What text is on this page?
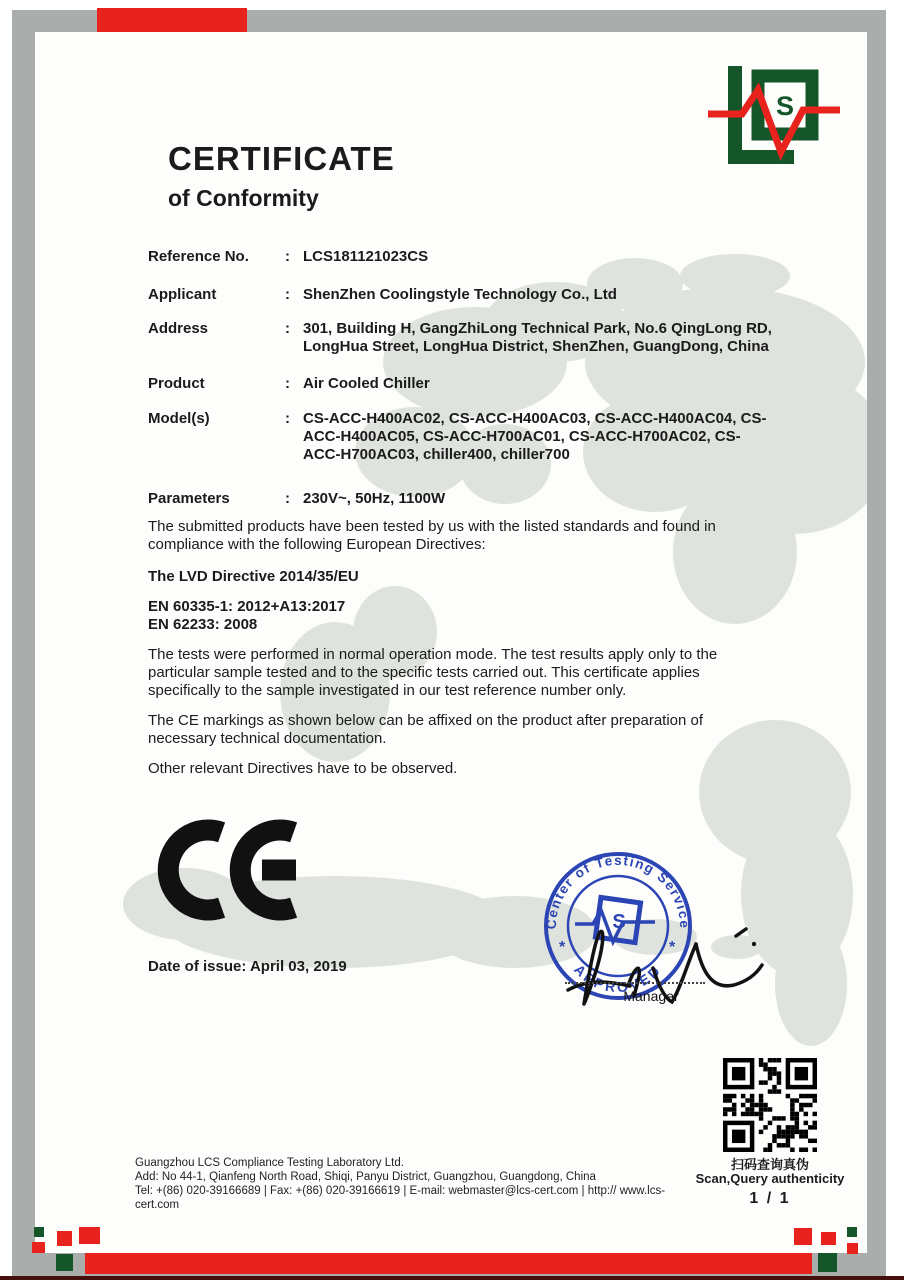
S
CERTIFICATE
of Conformity
Reference No.	: LCS181121023CS
Applicant	: ShenZhen Coolingstyle Technology Co., Ltd
Address	: 301, Building H, GangZhiLong Technical Park, No.6 QingLong RD, LongHua Street, LongHua District, ShenZhen, GuangDong, China
Product	: Air Cooled Chiller
Model(s)	: CS-ACC-H400AC02, CS-ACC-H400AC03, CS-ACC-H400AC04, CS-ACC-H400AC05, CS-ACC-H700AC01, CS-ACC-H700AC02, CS-ACC-H700AC03, chiller400, chiller700
Parameters	: 230V~, 50Hz, 1100W
The submitted products have been tested by us with the listed standards and found in compliance with the following European Directives:
The LVD Directive 2014/35/EU
EN 60335-1: 2012+A13:2017
EN 62233: 2008
The tests were performed in normal operation mode. The test results apply only to the particular sample tested and to the specific tests carried out. This certificate applies specifically to the sample investigated in our test reference number only.
The CE markings as shown below can be affixed on the product after preparation of necessary technical documentation.
Other relevant Directives have to be observed.
Date of issue: April 03, 2019
Center of Testing Service
APPROVED
*	*
S
Manager
扫码查询真伪
Scan,Query authenticity
1 / 1
Guangzhou LCS Compliance Testing Laboratory Ltd.
Add: No 44-1, Qianfeng North Road, Shiqi, Panyu District, Guangzhou, Guangdong, China
Tel: +(86) 020-39166689 | Fax: +(86) 020-39166619 | E-mail: webmaster@lcs-cert.com | http:// www.lcs-cert.com
